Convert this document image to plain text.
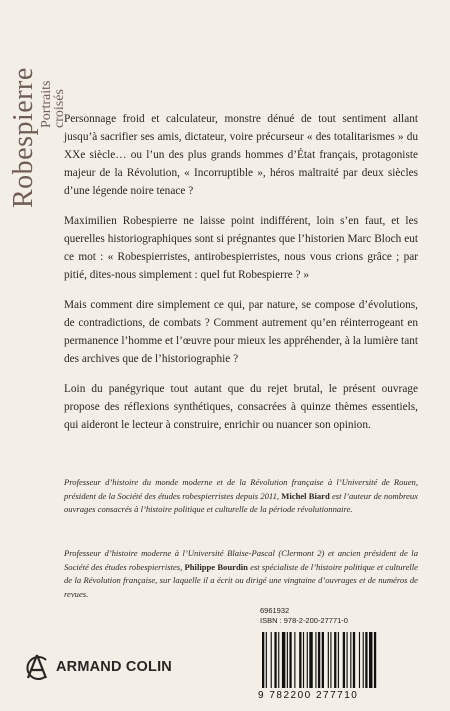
Robespierre Portraits
croisés

Personnage froid et calculateur, monstre dénué de tout sentiment allant jusqu’à sacrifier ses amis, dictateur, voire précurseur « des totalitarismes » du XXe siècle… ou l’un des plus grands hommes d’État français, protagoniste majeur de la Révolution, « Incorruptible », héros maltraité par deux siècles d’une légende noire tenace ?

Maximilien Robespierre ne laisse point indifférent, loin s’en faut, et les querelles historiographiques sont si prégnantes que l’historien Marc Bloch eut ce mot : « Robespierristes, antirobespierristes, nous vous crions grâce ; par pitié, dites-nous simplement : quel fut Robespierre ? »

Mais comment dire simplement ce qui, par nature, se compose d’évolutions, de contradictions, de combats ? Comment autrement qu’en réinterrogeant en permanence l’homme et l’œuvre pour mieux les appréhender, à la lumière tant des archives que de l’historiographie ?

Loin du panégyrique tout autant que du rejet brutal, le présent ouvrage propose des réflexions synthétiques, consacrées à quinze thèmes essentiels, qui aideront le lecteur à construire, enrichir ou nuancer son opinion.

Professeur d’histoire du monde moderne et de la Révolution française à l’Université de Rouen, président de la Société des études robespierristes depuis 2011, Michel Biard est l’auteur de nombreux ouvrages consacrés à l’histoire politique et culturelle de la période révolutionnaire.
Professeur d’histoire moderne à l’Université Blaise-Pascal (Clermont 2) et ancien président de la Société des études robespierristes, Philippe Bourdin est spécialiste de l’histoire politique et culturelle de la Révolution française, sur laquelle il a écrit ou dirigé une vingtaine d’ouvrages et de numéros de revues.
6961932
ISBN : 978-2-200-27771-0
9 782200 277710
ARMAND COLIN
